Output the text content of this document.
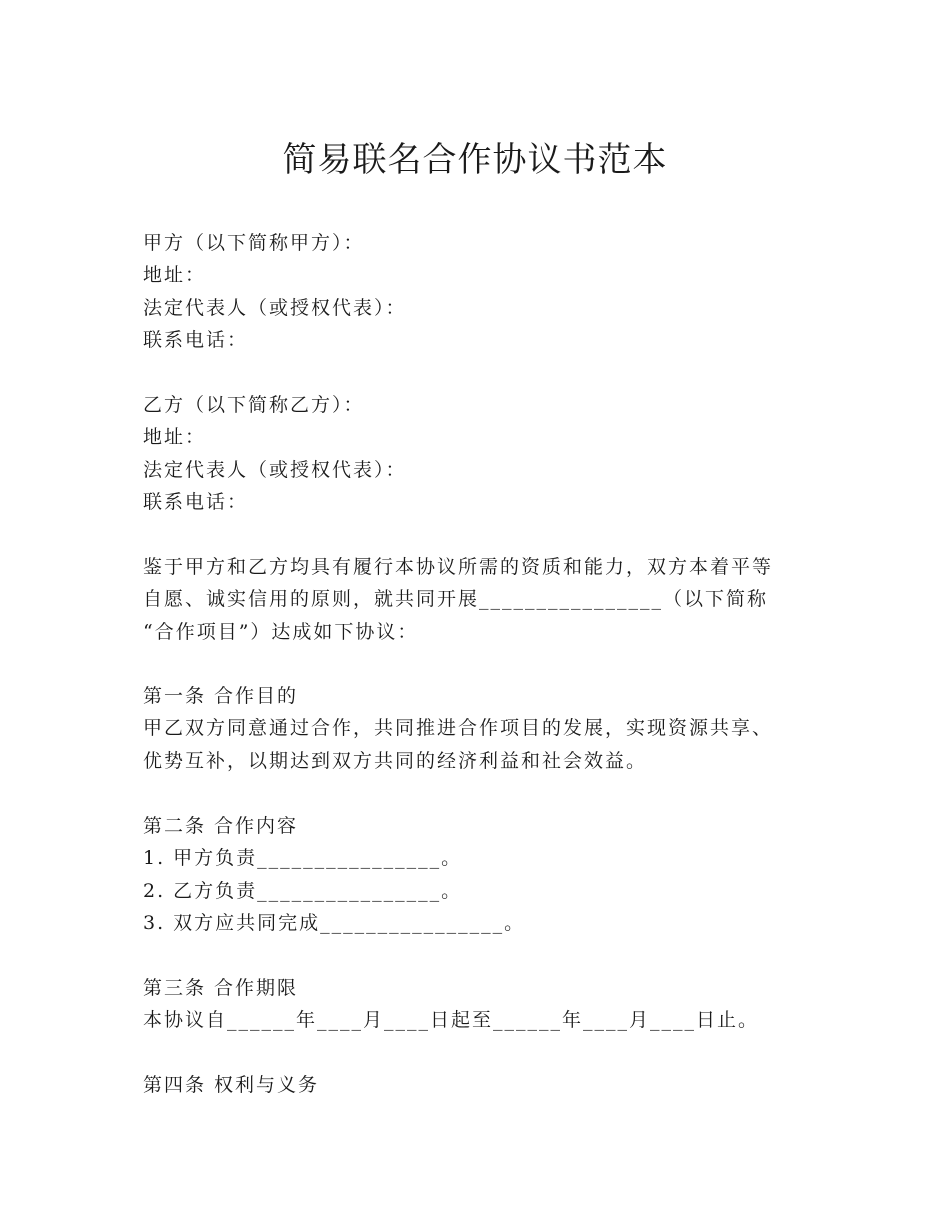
简易联名合作协议书范本
甲方（以下简称甲方）：
地址：
法定代表人（或授权代表）：
联系电话：
乙方（以下简称乙方）：
地址：
法定代表人（或授权代表）：
联系电话：
鉴于甲方和乙方均具有履行本协议所需的资质和能力，双方本着平等
自愿、诚实信用的原则，就共同开展________________（以下简称
“合作项目”）达成如下协议：
第一条 合作目的
甲乙双方同意通过合作，共同推进合作项目的发展，实现资源共享、
优势互补，以期达到双方共同的经济利益和社会效益。
第二条 合作内容
1. 甲方负责________________。
2. 乙方负责________________。
3. 双方应共同完成________________。
第三条 合作期限
本协议自______年____月____日起至______年____月____日止。
第四条 权利与义务
